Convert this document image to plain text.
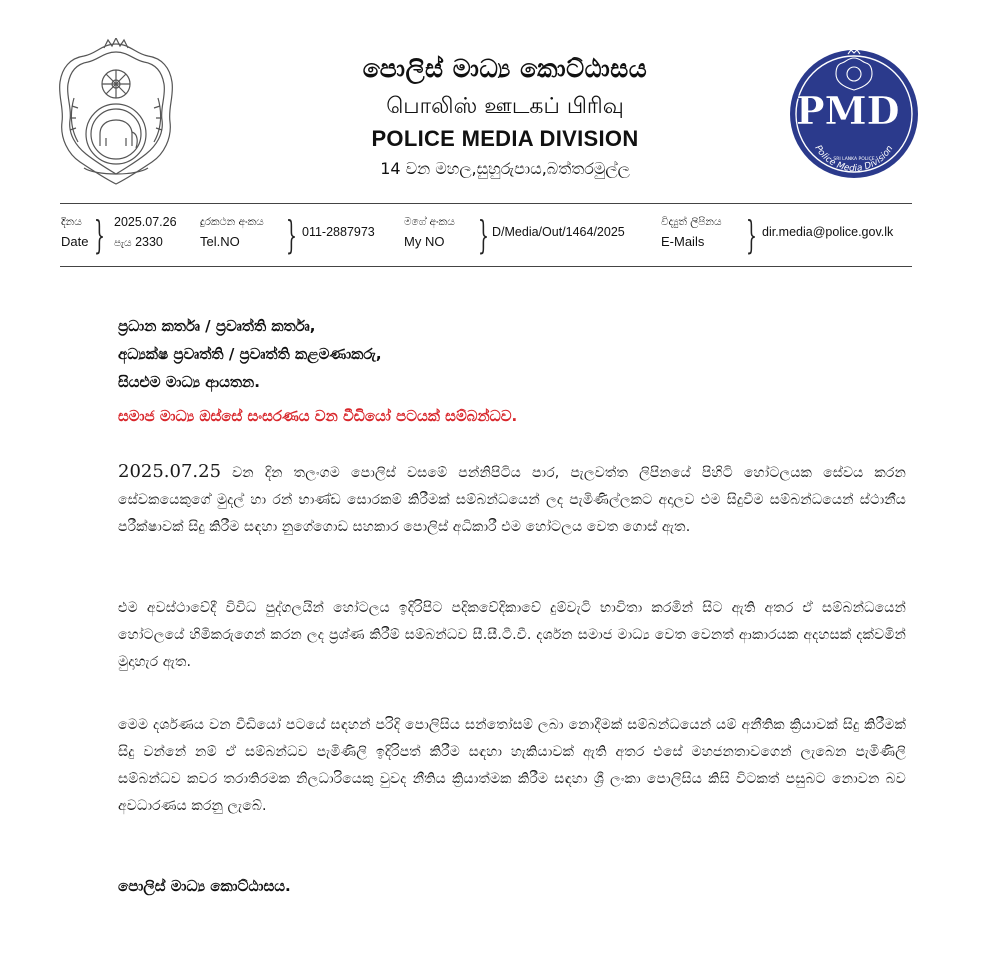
පොලිස් මාධ්‍ය කොට්ඨාසය
பொலிஸ் ஊடகப் பிரிவு
POLICE MEDIA DIVISION
14 වන මහල,සුහුරුපාය,බත්තරමුල්ල
PMD
Police Media Division
SRI LANKA POLICE
දිනය
Date } 2025.07.26
පැය 2330
දුරකථන අංකය
Tel.NO	} 011-2887973
මගේ අංකය
My NO } D/Media/Out/1464/2025
විද්‍යුත් ලිපිනය
E-Mails	} dir.media@police.gov.lk
ප්‍රධාන කර්තෘ / ප්‍රවෘත්ති කර්තෘ,
අධ්‍යක්ෂ ප්‍රවෘත්ති / ප්‍රවෘත්ති කළමණාකරු,
සියළුම මාධ්‍ය ආයතන.
සමාජ මාධ්‍ය ඔස්සේ සංසරණය වන වීඩියෝ පටයක් සම්බන්ධව.
2025.07.25 වන දින තලංගම පොලිස් වසමේ පන්නිපිටිය පාර, පැලවත්ත ලිපිනයේ පිහිටි හෝටලයක සේවය කරන සේවකයෙකුගේ මුදල් හා රන් භාණ්ඩ සොරකම් කිරීමක් සම්බන්ධයෙන් ලද පැමිණිල්ලකට අදාලව එම සිදුවීම සම්බන්ධයෙන් ස්ථානීය පරීක්ෂාවක් සිදු කිරීම සඳහා නුගේගොඩ සහකාර පොලිස් අධිකාරී එම හෝටලය වෙත ගොස් ඇත.
එම අවස්ථාවේදී විවිධ පුද්ගලයින් හෝටලය ඉදිරිපිට පදිකවේදිකාවේ දුම්වැටි භාවිතා කරමින් සිට ඇති අතර ඒ සම්බන්ධයෙන් හෝටලයේ හිමිකරුගෙන් කරන ලද ප්‍රශ්ණ කිරීම් සම්බන්ධව සී.සී.ටී.වී. දර්ශන සමාජ මාධ්‍ය වෙත වෙනත් ආකාරයක අදහසක් දක්වමින් මුදාහැර ඇත.
මෙම දර්ශණය වන වීඩියෝ පටයේ සඳහන් පරිදි පොලිසිය සන්තෝසම් ලබා නොදීමක් සම්බන්ධයෙන් යම් අනීතික ක්‍රියාවක් සිදු කිරීමක් සිදු වන්නේ නම් ඒ සම්බන්ධව පැමිණිලි ඉදිරිපත් කිරීම සඳහා හැකියාවක් ඇති අතර එසේ මහජනතාවගෙන් ලැබෙන පැමිණිලි සම්බන්ධව කවර තරාතිරමක නිලධාරියෙකු වුවද නීතිය ක්‍රියාත්මක කිරීම සඳහා ශ්‍රී ලංකා පොලිසිය කිසි විටකත් පසුබට නොවන බව අවධාරණය කරනු ලැබේ.
පොලිස් මාධ්‍ය කොට්ඨාසය.
